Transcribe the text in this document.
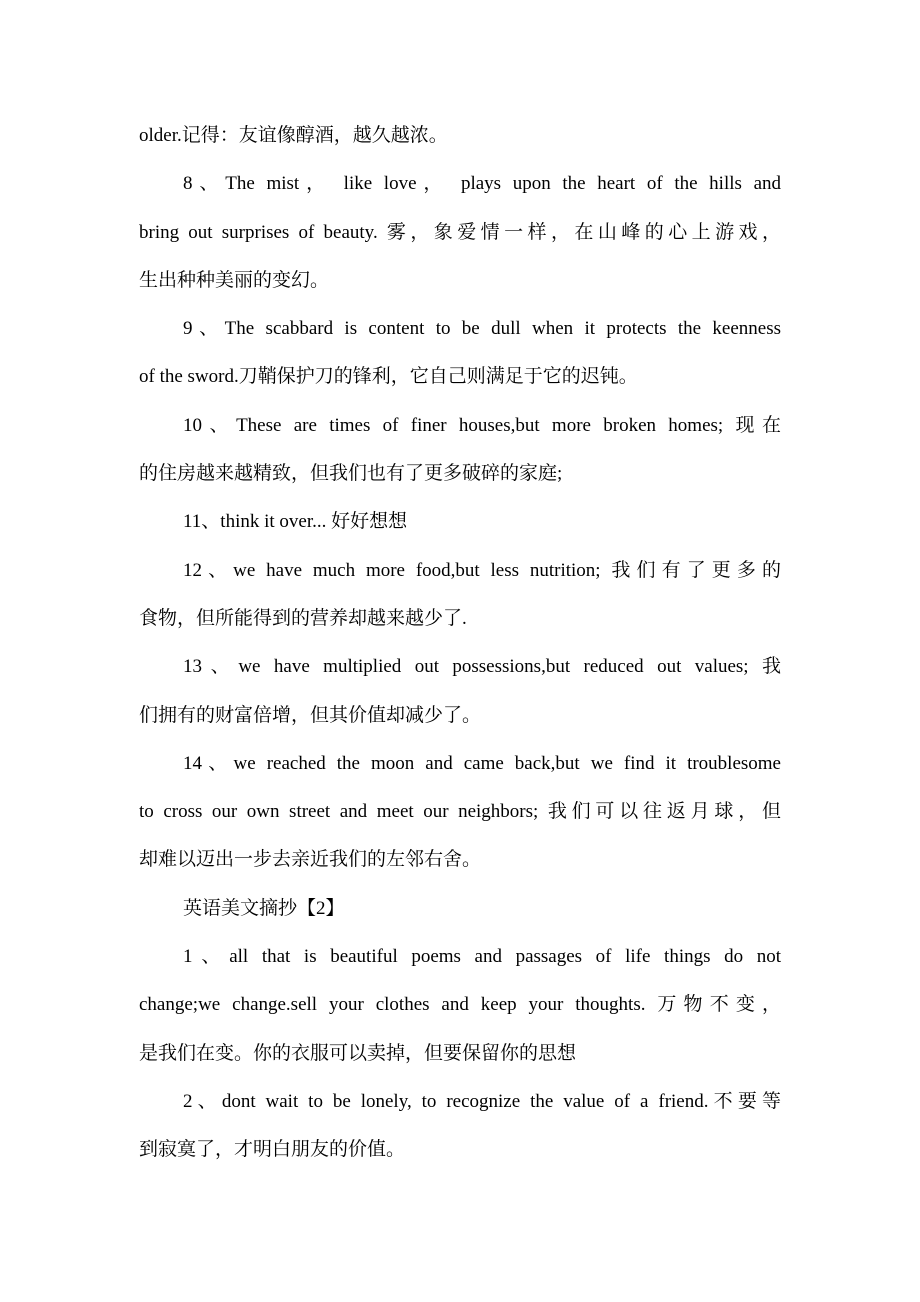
older.记得：友谊像醇酒，越久越浓。
8、The mist， like love， plays upon the heart of the hills and
bring out surprises of beauty. 雾，象爱情一样，在山峰的心上游戏，
生出种种美丽的变幻。
9、The scabbard is content to be dull when it protects the keenness
of the sword.刀鞘保护刀的锋利，它自己则满足于它的迟钝。
10、These are times of finer houses,but more broken homes; 现在
的住房越来越精致，但我们也有了更多破碎的家庭;
11、think it over... 好好想想
12、we have much more food,but less nutrition; 我们有了更多的
食物，但所能得到的营养却越来越少了.
13、we have multiplied out possessions,but reduced out values; 我
们拥有的财富倍增，但其价值却减少了。
14、we reached the moon and came back,but we find it troublesome
to cross our own street and meet our neighbors; 我们可以往返月球，但
却难以迈出一步去亲近我们的左邻右舍。
英语美文摘抄【2】
1、all that is beautiful poems and passages of life things do not
change;we change.sell your clothes and keep your thoughts. 万物不变，
是我们在变。你的衣服可以卖掉，但要保留你的思想
2、dont wait to be lonely, to recognize the value of a friend.不要等
到寂寞了，才明白朋友的价值。
